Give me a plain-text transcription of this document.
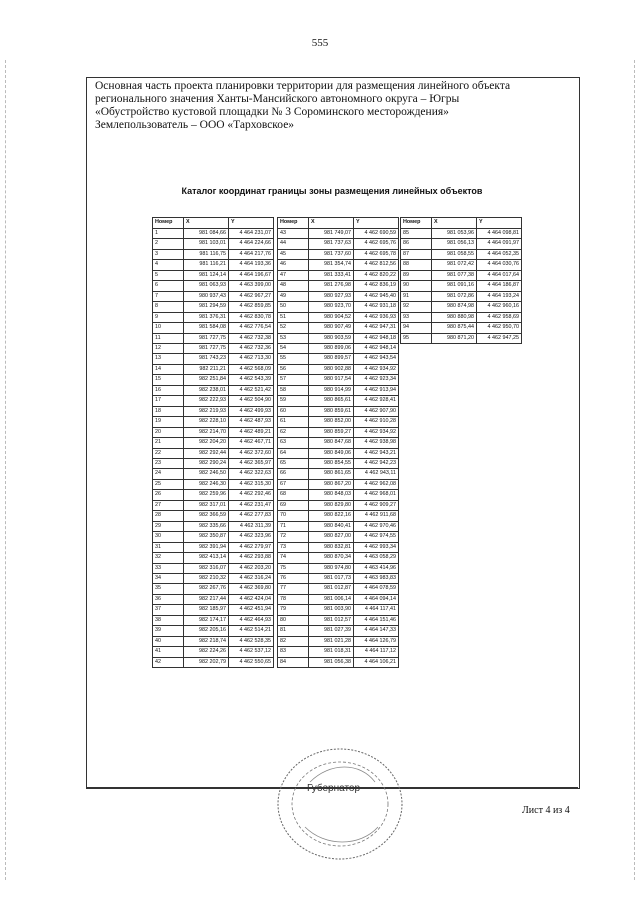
555
Основная часть проекта планировки территории для размещения линейного объекта
регионального значения Ханты-Мансийского автономного округа – Югры
«Обустройство кустовой площадки № 3 Сороминского месторождения»
Землепользователь – ООО «Тарховское»
Каталог координат границы зоны размещения линейных объектов
Номер	X	Y
1	981 084,66	4 464 231,07
2	981 103,01	4 464 224,66
3	981 116,75	4 464 217,76
4	981 116,21	4 464 193,36
5	981 124,14	4 464 196,67
6	981 063,93	4 463 399,00
7	980 937,43	4 462 967,27
8	981 294,59	4 462 859,85
9	981 376,31	4 462 830,78
10	981 584,08	4 462 776,54
11	981 727,75	4 462 732,38
12	981 727,75	4 462 732,36
13	981 743,23	4 462 713,30
14	982 211,21	4 462 568,09
15	982 251,84	4 462 543,39
16	982 238,01	4 462 521,42
17	982 222,93	4 462 504,90
18	982 219,93	4 462 499,93
19	982 228,10	4 462 487,93
20	982 214,70	4 462 489,21
21	982 204,20	4 462 467,71
22	982 292,44	4 462 372,60
23	982 290,24	4 462 365,97
24	982 246,50	4 462 322,63
25	982 246,30	4 462 315,30
26	982 259,96	4 462 292,46
27	982 317,01	4 462 231,47
28	982 366,59	4 462 277,83
29	982 335,66	4 462 311,39
30	982 350,87	4 462 323,96
31	982 391,94	4 462 279,97
32	982 413,14	4 462 293,88
33	982 316,07	4 462 203,20
34	982 210,32	4 462 316,24
35	982 267,76	4 462 369,80
36	982 217,44	4 462 424,04
37	982 185,97	4 462 451,94
38	982 174,17	4 462 464,93
39	982 205,16	4 462 514,21
40	982 218,74	4 462 528,35
41	982 224,26	4 462 537,12
42	982 202,79	4 462 550,65
Номер	X	Y
43	981 749,07	4 462 690,59
44	981 737,63	4 462 695,76
45	981 737,60	4 462 695,78
46	981 354,74	4 462 812,56
47	981 333,41	4 462 820,22
48	981 276,98	4 462 836,19
49	980 927,93	4 462 945,40
50	980 923,70	4 462 931,18
51	980 904,52	4 462 936,93
52	980 907,49	4 462 947,31
53	980 903,59	4 462 948,18
54	980 899,06	4 462 948,14
55	980 899,57	4 462 943,54
56	980 902,88	4 462 934,92
57	980 917,54	4 462 923,34
58	980 914,99	4 462 913,94
59	980 865,61	4 462 928,41
60	980 859,61	4 462 907,90
61	980 852,00	4 462 910,28
62	980 859,27	4 462 934,92
63	980 847,68	4 462 938,98
64	980 849,06	4 462 943,21
65	980 854,55	4 462 942,23
66	980 861,65	4 462 943,11
67	980 867,20	4 462 962,08
68	980 848,03	4 462 968,01
69	980 829,80	4 462 909,27
70	980 822,16	4 462 911,68
71	980 840,41	4 462 970,46
72	980 827,00	4 462 974,55
73	980 832,81	4 462 993,34
74	980 870,34	4 463 058,29
75	980 974,80	4 463 414,96
76	981 017,73	4 463 983,83
77	981 012,87	4 464 078,59
78	981 006,14	4 464 094,14
79	981 003,90	4 464 117,41
80	981 012,57	4 464 151,46
81	981 027,39	4 464 147,33
82	981 021,28	4 464 126,79
83	981 018,31	4 464 117,12
84	981 056,38	4 464 106,21
Номер	X	Y
85	981 053,96	4 464 098,81
86	981 056,13	4 464 091,97
87	981 058,55	4 464 052,35
88	981 072,42	4 464 030,76
89	981 077,38	4 464 017,64
90	981 091,16	4 464 186,87
91	981 072,86	4 464 193,24
92	980 874,98	4 462 960,16
93	980 880,98	4 462 958,69
94	980 875,44	4 462 950,70
95	980 871,20	4 462 947,25
Губернатор
Лист 4 из 4
